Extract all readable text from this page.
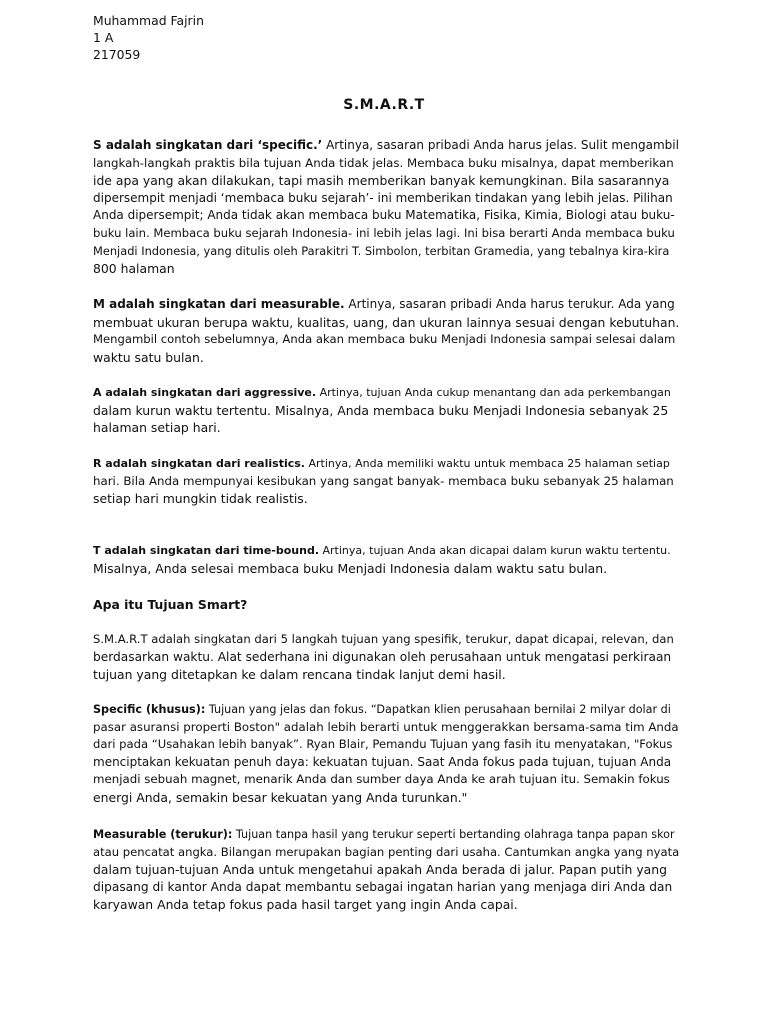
Muhammad Fajrin

1 A

217059

S.M.A.R.T

S adalah singkatan dari ‘specific.’ Artinya, sasaran pribadi Anda harus jelas. Sulit mengambil
langkah-langkah praktis bila tujuan Anda tidak jelas. Membaca buku misalnya, dapat memberikan
ide apa yang akan dilakukan, tapi masih memberikan banyak kemungkinan. Bila sasarannya
dipersempit menjadi ‘membaca buku sejarah’- ini memberikan tindakan yang lebih jelas. Pilihan
Anda dipersempit; Anda tidak akan membaca buku Matematika, Fisika, Kimia, Biologi atau buku-
buku lain. Membaca buku sejarah Indonesia- ini lebih jelas lagi. Ini bisa berarti Anda membaca buku
Menjadi Indonesia, yang ditulis oleh Parakitri T. Simbolon, terbitan Gramedia, yang tebalnya kira-kira
800 halaman

M adalah singkatan dari measurable. Artinya, sasaran pribadi Anda harus terukur. Ada yang
membuat ukuran berupa waktu, kualitas, uang, dan ukuran lainnya sesuai dengan kebutuhan.
Mengambil contoh sebelumnya, Anda akan membaca buku Menjadi Indonesia sampai selesai dalam
waktu satu bulan.

A adalah singkatan dari aggressive. Artinya, tujuan Anda cukup menantang dan ada perkembangan
dalam kurun waktu tertentu. Misalnya, Anda membaca buku Menjadi Indonesia sebanyak 25
halaman setiap hari.

R adalah singkatan dari realistics. Artinya, Anda memiliki waktu untuk membaca 25 halaman setiap
hari. Bila Anda mempunyai kesibukan yang sangat banyak- membaca buku sebanyak 25 halaman
setiap hari mungkin tidak realistis.

T adalah singkatan dari time-bound. Artinya, tujuan Anda akan dicapai dalam kurun waktu tertentu.
Misalnya, Anda selesai membaca buku Menjadi Indonesia dalam waktu satu bulan.

Apa itu Tujuan Smart?

S.M.A.R.T adalah singkatan dari 5 langkah tujuan yang spesifik, terukur, dapat dicapai, relevan, dan
berdasarkan waktu. Alat sederhana ini digunakan oleh perusahaan untuk mengatasi perkiraan
tujuan yang ditetapkan ke dalam rencana tindak lanjut demi hasil.

Specific (khusus): Tujuan yang jelas dan fokus. “Dapatkan klien perusahaan bernilai 2 milyar dolar di
pasar asuransi properti Boston" adalah lebih berarti untuk menggerakkan bersama-sama tim Anda
dari pada “Usahakan lebih banyak”. Ryan Blair, Pemandu Tujuan yang fasih itu menyatakan, "Fokus
menciptakan kekuatan penuh daya: kekuatan tujuan. Saat Anda fokus pada tujuan, tujuan Anda
menjadi sebuah magnet, menarik Anda dan sumber daya Anda ke arah tujuan itu. Semakin fokus
energi Anda, semakin besar kekuatan yang Anda turunkan."

Measurable (terukur): Tujuan tanpa hasil yang terukur seperti bertanding olahraga tanpa papan skor
atau pencatat angka. Bilangan merupakan bagian penting dari usaha. Cantumkan angka yang nyata
dalam tujuan-tujuan Anda untuk mengetahui apakah Anda berada di jalur. Papan putih yang
dipasang di kantor Anda dapat membantu sebagai ingatan harian yang menjaga diri Anda dan
karyawan Anda tetap fokus pada hasil target yang ingin Anda capai.
